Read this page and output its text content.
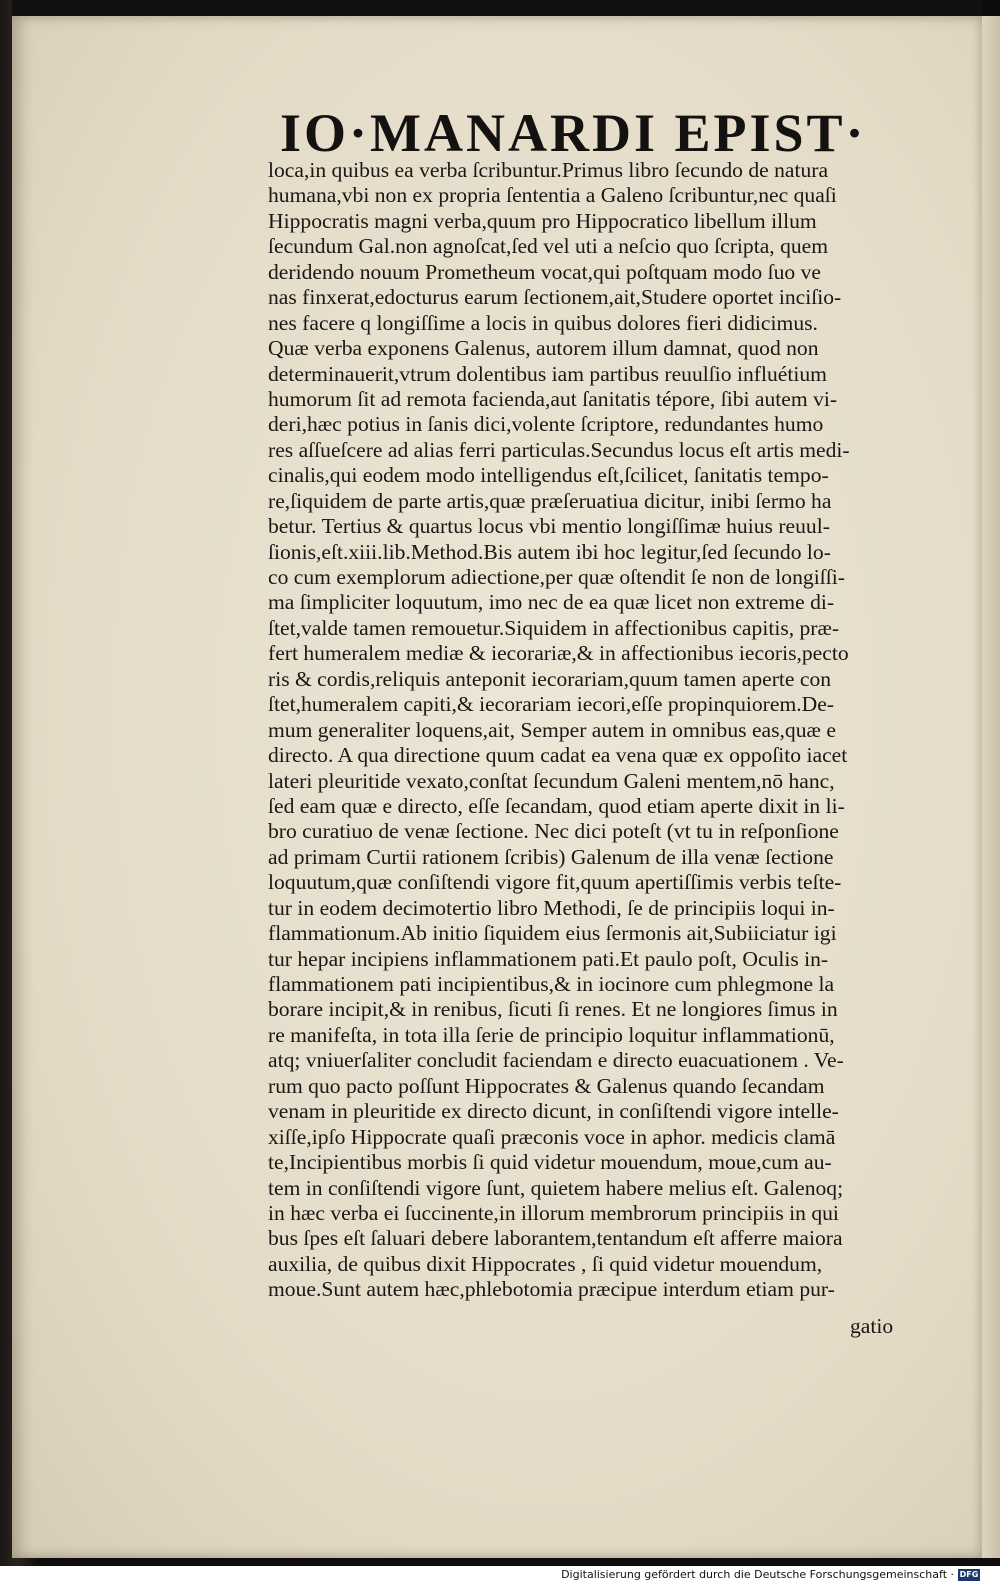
IO·MANARDI EPIST·
loca,in quibus ea verba ſcribuntur.Primus libro ſecundo de natura
humana,vbi non ex propria ſententia a Galeno ſcribuntur,nec quaſi
Hippocratis magni verba,quum pro Hippocratico libellum illum
ſecundum Gal.non agnoſcat,ſed vel uti a neſcio quo ſcripta, quem
deridendo nouum Prometheum vocat,qui poſtquam modo ſuo ve
nas finxerat,edocturus earum ſectionem,ait,Studere oportet inciſio-
nes facere q longiſſime a locis in quibus dolores fieri didicimus.
Quæ verba exponens Galenus, autorem illum damnat, quod non
determinauerit,vtrum dolentibus iam partibus reuulſio influétium
humorum ſit ad remota facienda,aut ſanitatis tépore, ſibi autem vi-
deri,hæc potius in ſanis dici,volente ſcriptore, redundantes humo
res aſſueſcere ad alias ferri particulas.Secundus locus eſt artis medi-
cinalis,qui eodem modo intelligendus eſt,ſcilicet, ſanitatis tempo-
re,ſiquidem de parte artis,quæ præſeruatiua dicitur, inibi ſermo ha
betur. Tertius & quartus locus vbi mentio longiſſimæ huius reuul-
ſionis,eſt.xiii.lib.Method.Bis autem ibi hoc legitur,ſed ſecundo lo-
co cum exemplorum adiectione,per quæ oſtendit ſe non de longiſſi-
ma ſimpliciter loquutum, imo nec de ea quæ licet non extreme di-
ſtet,valde tamen remouetur.Siquidem in affectionibus capitis, præ-
fert humeralem mediæ & iecorariæ,& in affectionibus iecoris,pecto
ris & cordis,reliquis anteponit iecorariam,quum tamen aperte con
ſtet,humeralem capiti,& iecorariam iecori,eſſe propinquiorem.De-
mum generaliter loquens,ait, Semper autem in omnibus eas,quæ e
directo. A qua directione quum cadat ea vena quæ ex oppoſito iacet
lateri pleuritide vexato,conſtat ſecundum Galeni mentem,nō hanc,
ſed eam quæ e directo, eſſe ſecandam, quod etiam aperte dixit in li-
bro curatiuo de venæ ſectione. Nec dici poteſt (vt tu in reſponſione
ad primam Curtii rationem ſcribis) Galenum de illa venæ ſectione
loquutum,quæ conſiſtendi vigore fit,quum apertiſſimis verbis teſte-
tur in eodem decimotertio libro Methodi, ſe de principiis loqui in-
flammationum.Ab initio ſiquidem eius ſermonis ait,Subiiciatur igi
tur hepar incipiens inflammationem pati.Et paulo poſt, Oculis in-
flammationem pati incipientibus,& in iocinore cum phlegmone la
borare incipit,& in renibus, ſicuti ſi renes. Et ne longiores ſimus in
re manifeſta, in tota illa ſerie de principio loquitur inflammationū,
atq; vniuerſaliter concludit faciendam e directo euacuationem . Ve-
rum quo pacto poſſunt Hippocrates & Galenus quando ſecandam
venam in pleuritide ex directo dicunt, in conſiſtendi vigore intelle-
xiſſe,ipſo Hippocrate quaſi præconis voce in aphor. medicis clamā
te,Incipientibus morbis ſi quid videtur mouendum, moue,cum au-
tem in conſiſtendi vigore ſunt, quietem habere melius eſt. Galenoq;
in hæc verba ei ſuccinente,in illorum membrorum principiis in qui
bus ſpes eſt ſaluari debere laborantem,tentandum eſt afferre maiora
auxilia, de quibus dixit Hippocrates , ſi quid videtur mouendum,
moue.Sunt autem hæc,phlebotomia præcipue interdum etiam pur-
gatio
Digitalisierung gefördert durch die Deutsche Forschungsgemeinschaft · DFG
